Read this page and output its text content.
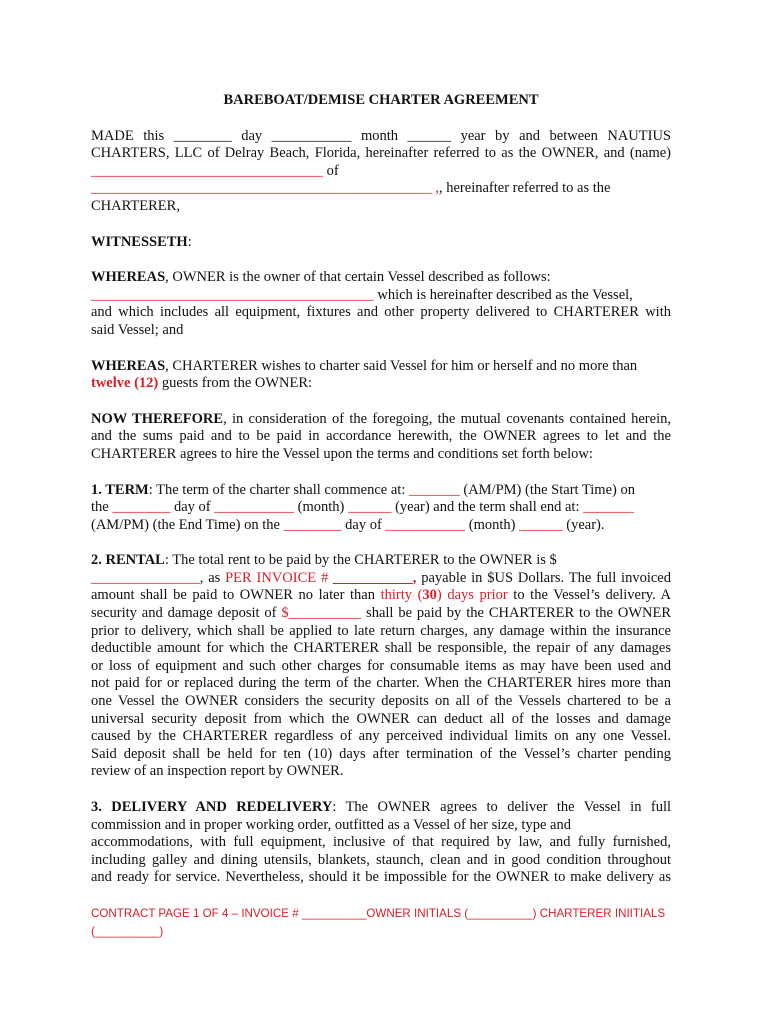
BAREBOAT/DEMISE CHARTER AGREEMENT
MADE this ________ day ___________ month ______ year by and between NAUTIUS
CHARTERS, LLC of Delray Beach, Florida, hereinafter referred to as the OWNER, and (name)
________________________________ of
_______________________________________________ ,, hereinafter referred to as the
CHARTERER,
WITNESSETH:
WHEREAS, OWNER is the owner of that certain Vessel described as follows:
_______________________________________ which is hereinafter described as the Vessel,
and which includes all equipment, fixtures and other property delivered to CHARTERER with
said Vessel; and
WHEREAS, CHARTERER wishes to charter said Vessel for him or herself and no more than
twelve (12) guests from the OWNER:
NOW THEREFORE, in consideration of the foregoing, the mutual covenants contained herein,
and the sums paid and to be paid in accordance herewith, the OWNER agrees to let and the
CHARTERER agrees to hire the Vessel upon the terms and conditions set forth below:
1. TERM: The term of the charter shall commence at: _______ (AM/PM) (the Start Time) on
the ________ day of ___________ (month) ______ (year) and the term shall end at: _______
(AM/PM) (the End Time) on the ________ day of ___________ (month) ______ (year).
2. RENTAL: The total rent to be paid by the CHARTERER to the OWNER is $
_______________, as PER INVOICE # ___________, payable in $US Dollars. The full invoiced
amount shall be paid to OWNER no later than thirty (30) days prior to the Vessel’s delivery. A
security and damage deposit of $__________ shall be paid by the CHARTERER to the OWNER
prior to delivery, which shall be applied to late return charges, any damage within the insurance
deductible amount for which the CHARTERER shall be responsible, the repair of any damages
or loss of equipment and such other charges for consumable items as may have been used and
not paid for or replaced during the term of the charter. When the CHARTERER hires more than
one Vessel the OWNER considers the security deposits on all of the Vessels chartered to be a
universal security deposit from which the OWNER can deduct all of the losses and damage
caused by the CHARTERER regardless of any perceived individual limits on any one Vessel.
Said deposit shall be held for ten (10) days after termination of the Vessel’s charter pending
review of an inspection report by OWNER.
3. DELIVERY AND REDELIVERY: The OWNER agrees to deliver the Vessel in full
commission and in proper working order, outfitted as a Vessel of her size, type and
accommodations, with full equipment, inclusive of that required by law, and fully furnished,
including galley and dining utensils, blankets, staunch, clean and in good condition throughout
and ready for service. Nevertheless, should it be impossible for the OWNER to make delivery as
CONTRACT PAGE 1 OF 4 – INVOICE # __________OWNER INITIALS (__________) CHARTERER INIITIALS
(__________)
